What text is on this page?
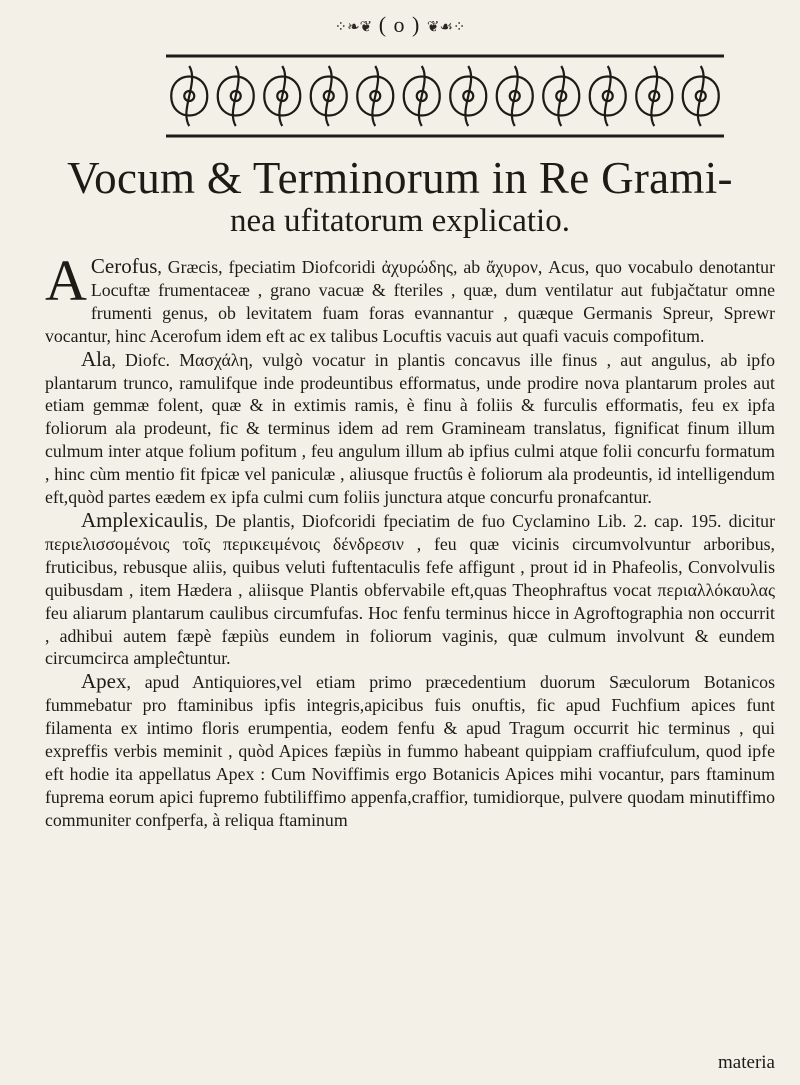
⁘❧❦ ( o ) ❦☙⁘
Vocum & Terminorum in Re Grami-
nea ufitatorum explicatio.

A Cerofus, Græcis, fpeciatim Diofcoridi ἀχυρώδης, ab ἄχυρον, Acus, quo vocabulo denotantur Locuftæ frumentaceæ , grano vacuæ & fteriles , quæ, dum ventilatur aut fubjačtatur omne frumenti genus, ob levitatem fuam foras evannantur , quæque Germanis Spreur, Sprewr vocantur, hinc Acerofum idem eft ac ex talibus Locuftis vacuis aut quafi vacuis compofitum.

Ala, Diofc. Μασχάλη, vulgò vocatur in plantis concavus ille finus , aut angulus, ab ipfo plantarum trunco, ramulifque inde prodeuntibus efformatus, unde prodire nova plantarum proles aut etiam gemmæ folent, quæ & in extimis ramis, è finu à foliis & furculis efformatis, feu ex ipfa foliorum ala prodeunt, fic & terminus idem ad rem Gramineam translatus, fignificat finum illum culmum inter atque folium pofitum , feu angulum illum ab ipfius culmi atque folii concurfu formatum , hinc cùm mentio fit fpicæ vel paniculæ , aliusque fructûs è foliorum ala prodeuntis, id intelligendum eft,quòd partes eædem ex ipfa culmi cum foliis junctura atque concurfu pronafcantur.

Amplexicaulis, De plantis, Diofcoridi fpeciatim de fuo Cyclamino Lib. 2. cap. 195. dicitur περιελισσομένοις τοῖς περικειμένοις δένδρεσιν , feu quæ vicinis circumvolvuntur arboribus, fruticibus, rebusque aliis, quibus veluti fuftentaculis fefe affigunt , prout id in Phafeolis, Convolvulis quibusdam , item Hædera , aliisque Plantis obfervabile eft,quas Theophraftus vocat περιαλλόκαυλας feu aliarum plantarum caulibus circumfufas. Hoc fenfu terminus hicce in Agroftographia non occurrit , adhibui autem fæpè fæpiùs eundem in foliorum vaginis, quæ culmum involvunt & eundem circumcirca ampleĉtuntur.

Apex, apud Antiquiores,vel etiam primo præcedentium duorum Sæculorum Botanicos fummebatur pro ftaminibus ipfis integris,apicibus fuis onuftis, fic apud Fuchfium apices funt filamenta ex intimo floris erumpentia, eodem fenfu & apud Tragum occurrit hic terminus , qui expreffis verbis meminit , quòd Apices fæpiùs in fummo habeant quippiam craffiufculum, quod ipfe eft hodie ita appellatus Apex : Cum Noviffimis ergo Botanicis Apices mihi vocantur, pars ftaminum fuprema eorum apici fupremo fubtiliffimo appenfa,craffior, tumidiorque, pulvere quodam minutiffimo communiter confperfa, à reliqua ftaminum

materia
